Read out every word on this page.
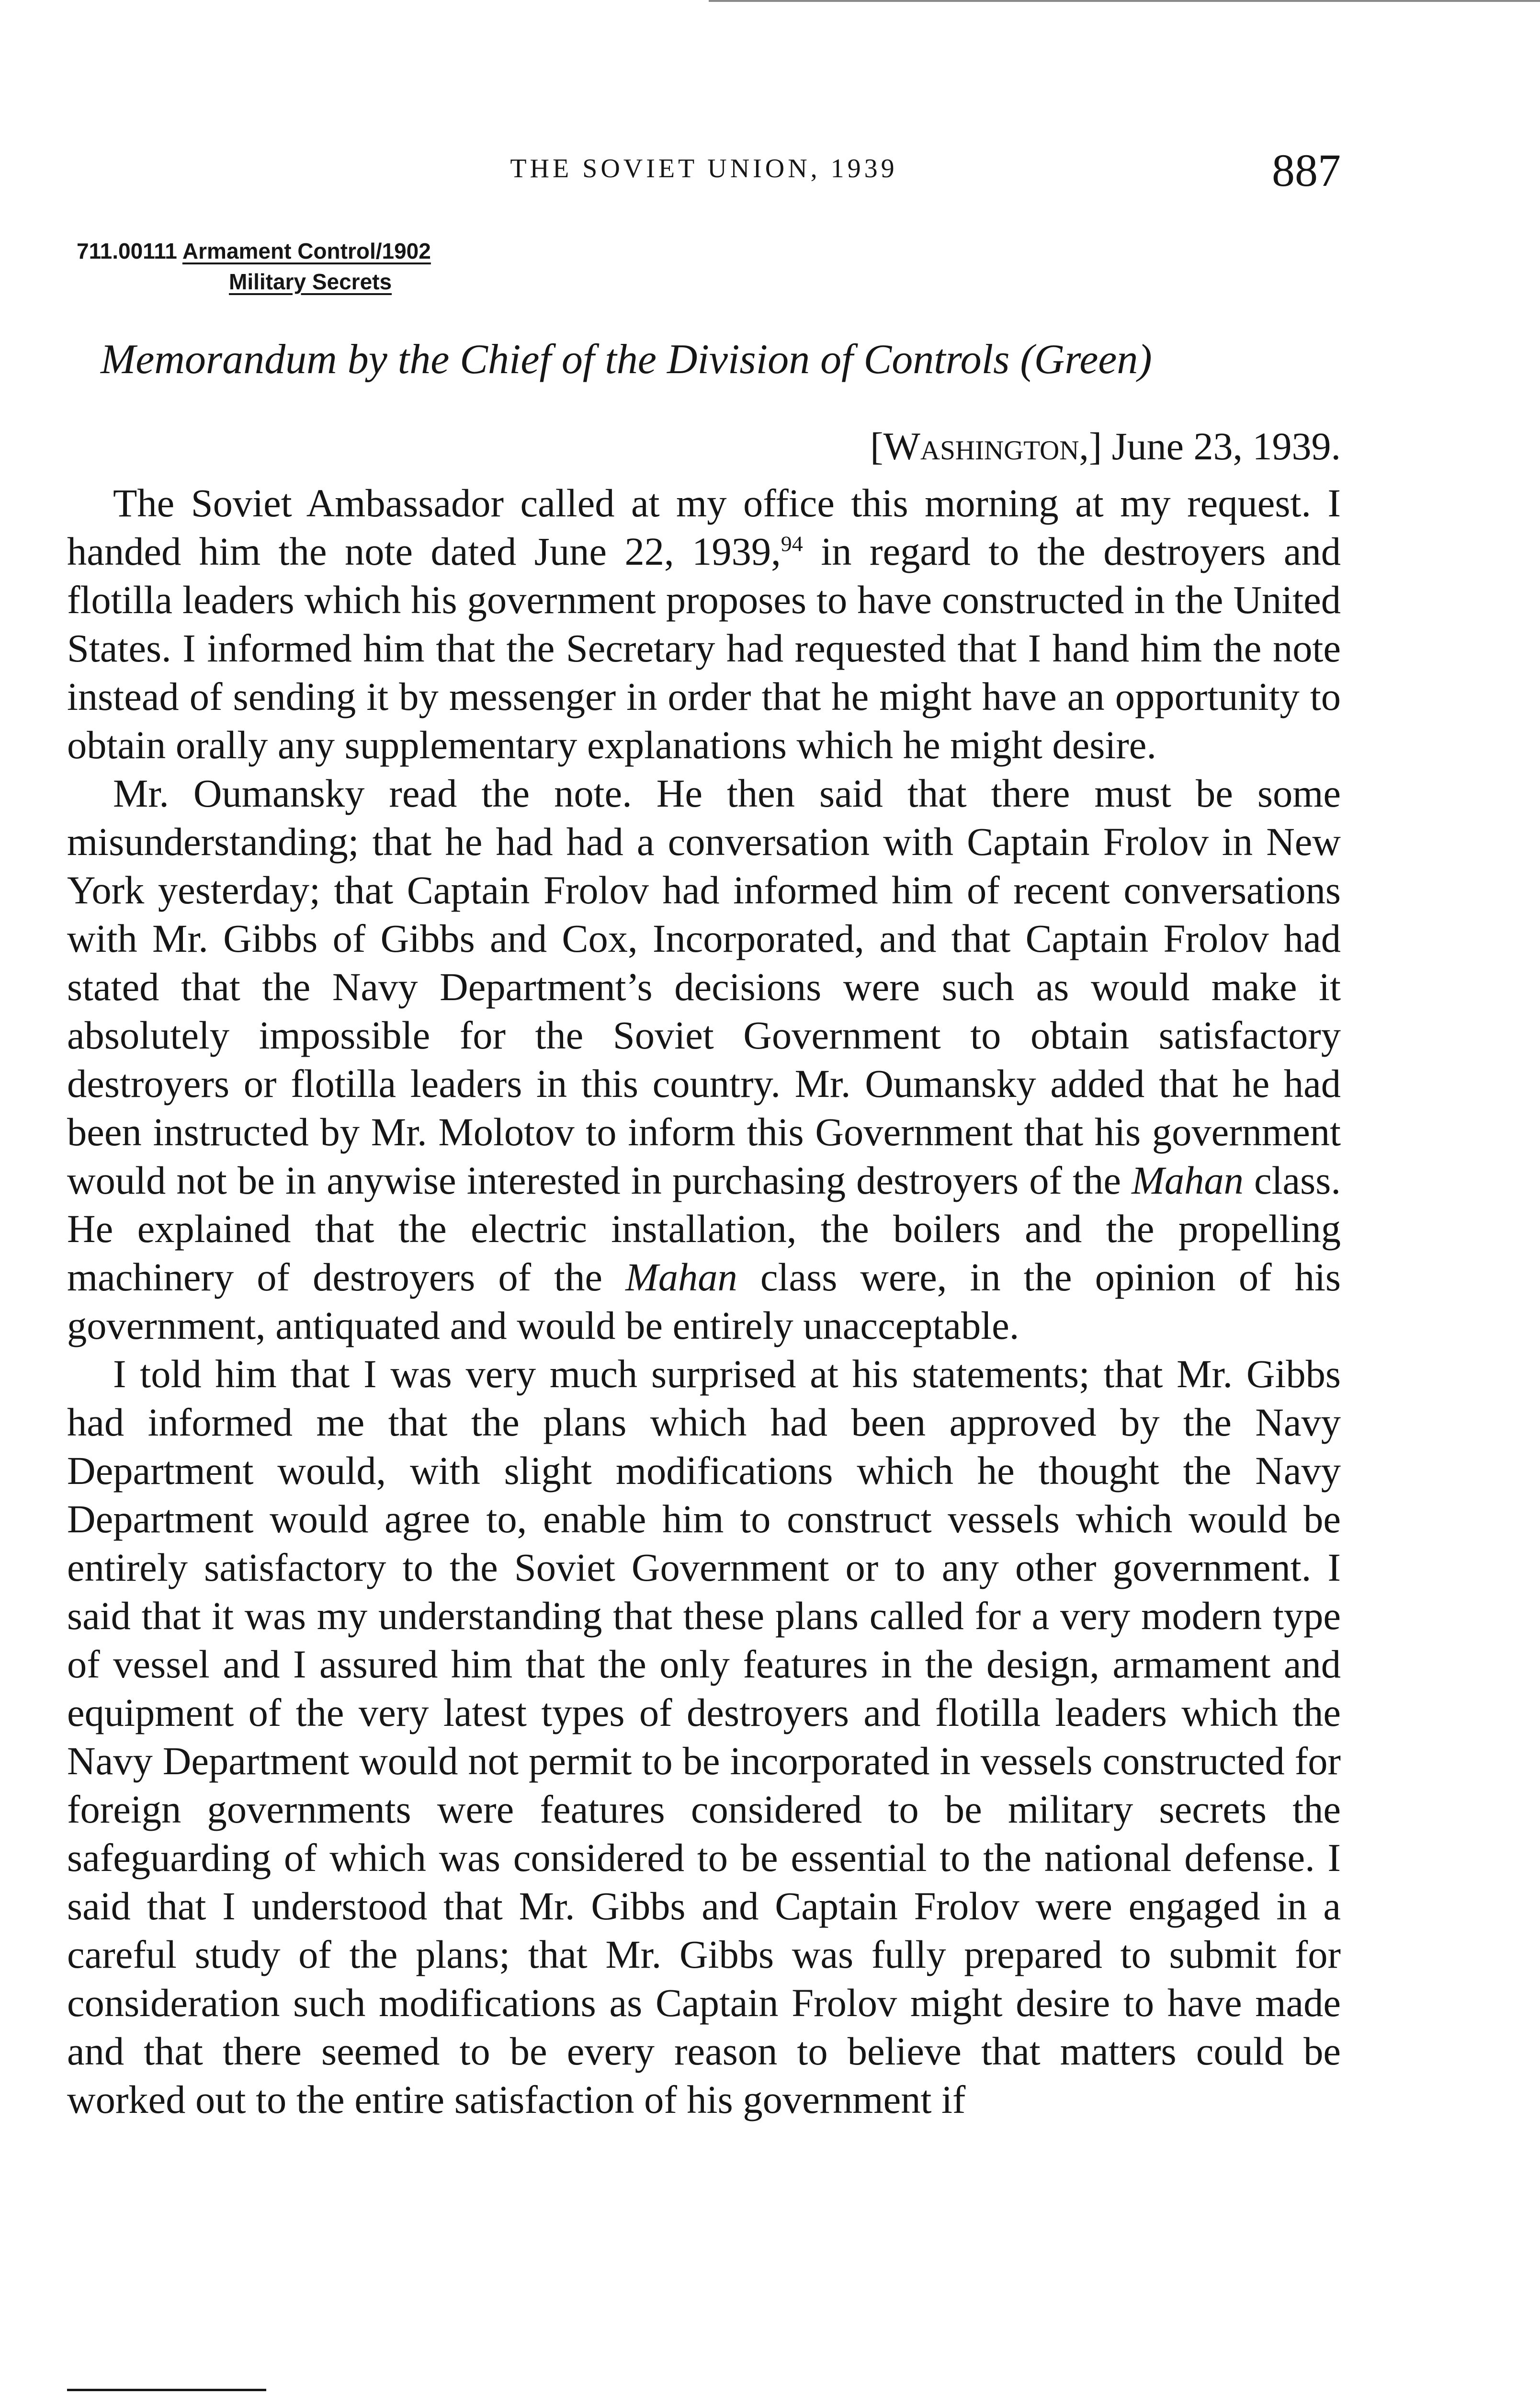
THE SOVIET UNION, 1939	887
711.00111 Armament Control/1902
Military Secrets
Memorandum by the Chief of the Division of Controls (Green)
[Washington,] June 23, 1939.

The Soviet Ambassador called at my office this morning at my request. I handed him the note dated June 22, 1939,94 in regard to the destroyers and flotilla leaders which his government proposes to have constructed in the United States. I informed him that the Secretary had requested that I hand him the note instead of sending it by messenger in order that he might have an opportunity to obtain orally any supplementary explanations which he might desire.

Mr. Oumansky read the note. He then said that there must be some misunderstanding; that he had had a conversation with Captain Frolov in New York yesterday; that Captain Frolov had informed him of recent conversations with Mr. Gibbs of Gibbs and Cox, Incorporated, and that Captain Frolov had stated that the Navy Department’s decisions were such as would make it absolutely impossible for the Soviet Government to obtain satisfactory destroyers or flotilla leaders in this country. Mr. Oumansky added that he had been instructed by Mr. Molotov to inform this Government that his government would not be in anywise interested in purchasing destroyers of the Mahan class. He explained that the electric installation, the boilers and the propelling machinery of destroyers of the Mahan class were, in the opinion of his government, antiquated and would be entirely unacceptable.

I told him that I was very much surprised at his statements; that Mr. Gibbs had informed me that the plans which had been approved by the Navy Department would, with slight modifications which he thought the Navy Department would agree to, enable him to construct vessels which would be entirely satisfactory to the Soviet Government or to any other government. I said that it was my understanding that these plans called for a very modern type of vessel and I assured him that the only features in the design, armament and equipment of the very latest types of destroyers and flotilla leaders which the Navy Department would not permit to be incorporated in vessels constructed for foreign governments were features considered to be military secrets the safeguarding of which was considered to be essential to the national defense. I said that I understood that Mr. Gibbs and Captain Frolov were engaged in a careful study of the plans; that Mr. Gibbs was fully prepared to submit for consideration such modifications as Captain Frolov might desire to have made and that there seemed to be every reason to believe that matters could be worked out to the entire satisfaction of his government if
